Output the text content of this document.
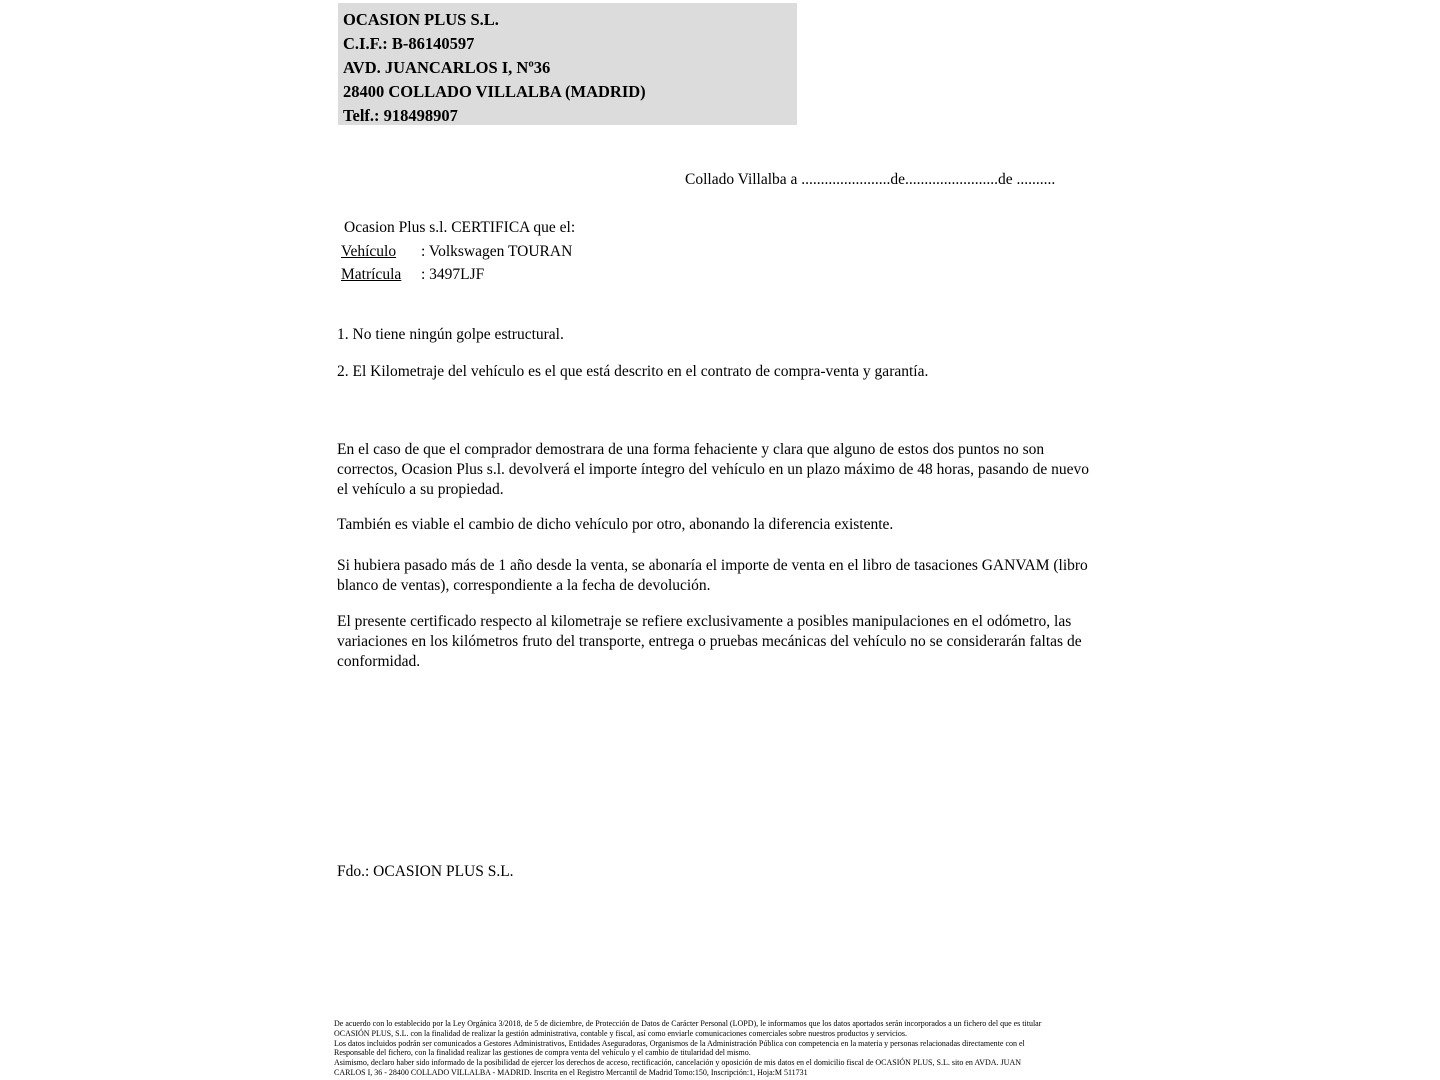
OCASION PLUS S.L.
C.I.F.: B-86140597
AVD. JUANCARLOS I, Nº36
28400 COLLADO VILLALBA (MADRID)
Telf.: 918498907
Collado Villalba a .......................de........................de ..........
Ocasion Plus s.l. CERTIFICA que el:
Vehículo : Volkswagen TOURAN
Matrícula : 3497LJF
1. No tiene ningún golpe estructural.
2. El Kilometraje del vehículo es el que está descrito en el contrato de compra-venta y garantía.

En el caso de que el comprador demostrara de una forma fehaciente y clara que alguno de estos dos puntos no son correctos, Ocasion Plus s.l. devolverá el importe íntegro del vehículo en un plazo máximo de 48 horas, pasando de nuevo el vehículo a su propiedad.

También es viable el cambio de dicho vehículo por otro, abonando la diferencia existente.

Si hubiera pasado más de 1 año desde la venta, se abonaría el importe de venta en el libro de tasaciones GANVAM (libro blanco de ventas), correspondiente a la fecha de devolución.

El presente certificado respecto al kilometraje se refiere exclusivamente a posibles manipulaciones en el odómetro, las variaciones en los kilómetros fruto del transporte, entrega o pruebas mecánicas del vehículo no se considerarán faltas de conformidad.

Fdo.: OCASION PLUS S.L.
De acuerdo con lo establecido por la Ley Orgánica 3/2018, de 5 de diciembre, de Protección de Datos de Carácter Personal (LOPD), le informamos que los datos aportados serán incorporados a un fichero del que es titular
OCASIÓN PLUS, S.L. con la finalidad de realizar la gestión administrativa, contable y fiscal, así como enviarle comunicaciones comerciales sobre nuestros productos y servicios.
Los datos incluidos podrán ser comunicados a Gestores Administrativos, Entidades Aseguradoras, Organismos de la Administración Pública con competencia en la materia y personas relacionadas directamente con el
Responsable del fichero, con la finalidad realizar las gestiones de compra venta del vehículo y el cambio de titularidad del mismo.
Asimismo, declaro haber sido informado de la posibilidad de ejercer los derechos de acceso, rectificación, cancelación y oposición de mis datos en el domicilio fiscal de OCASIÓN PLUS, S.L. sito en AVDA. JUAN
CARLOS I, 36 - 28400 COLLADO VILLALBA - MADRID. Inscrita en el Registro Mercantil de Madrid Tomo:150, Inscripción:1, Hoja:M 511731
